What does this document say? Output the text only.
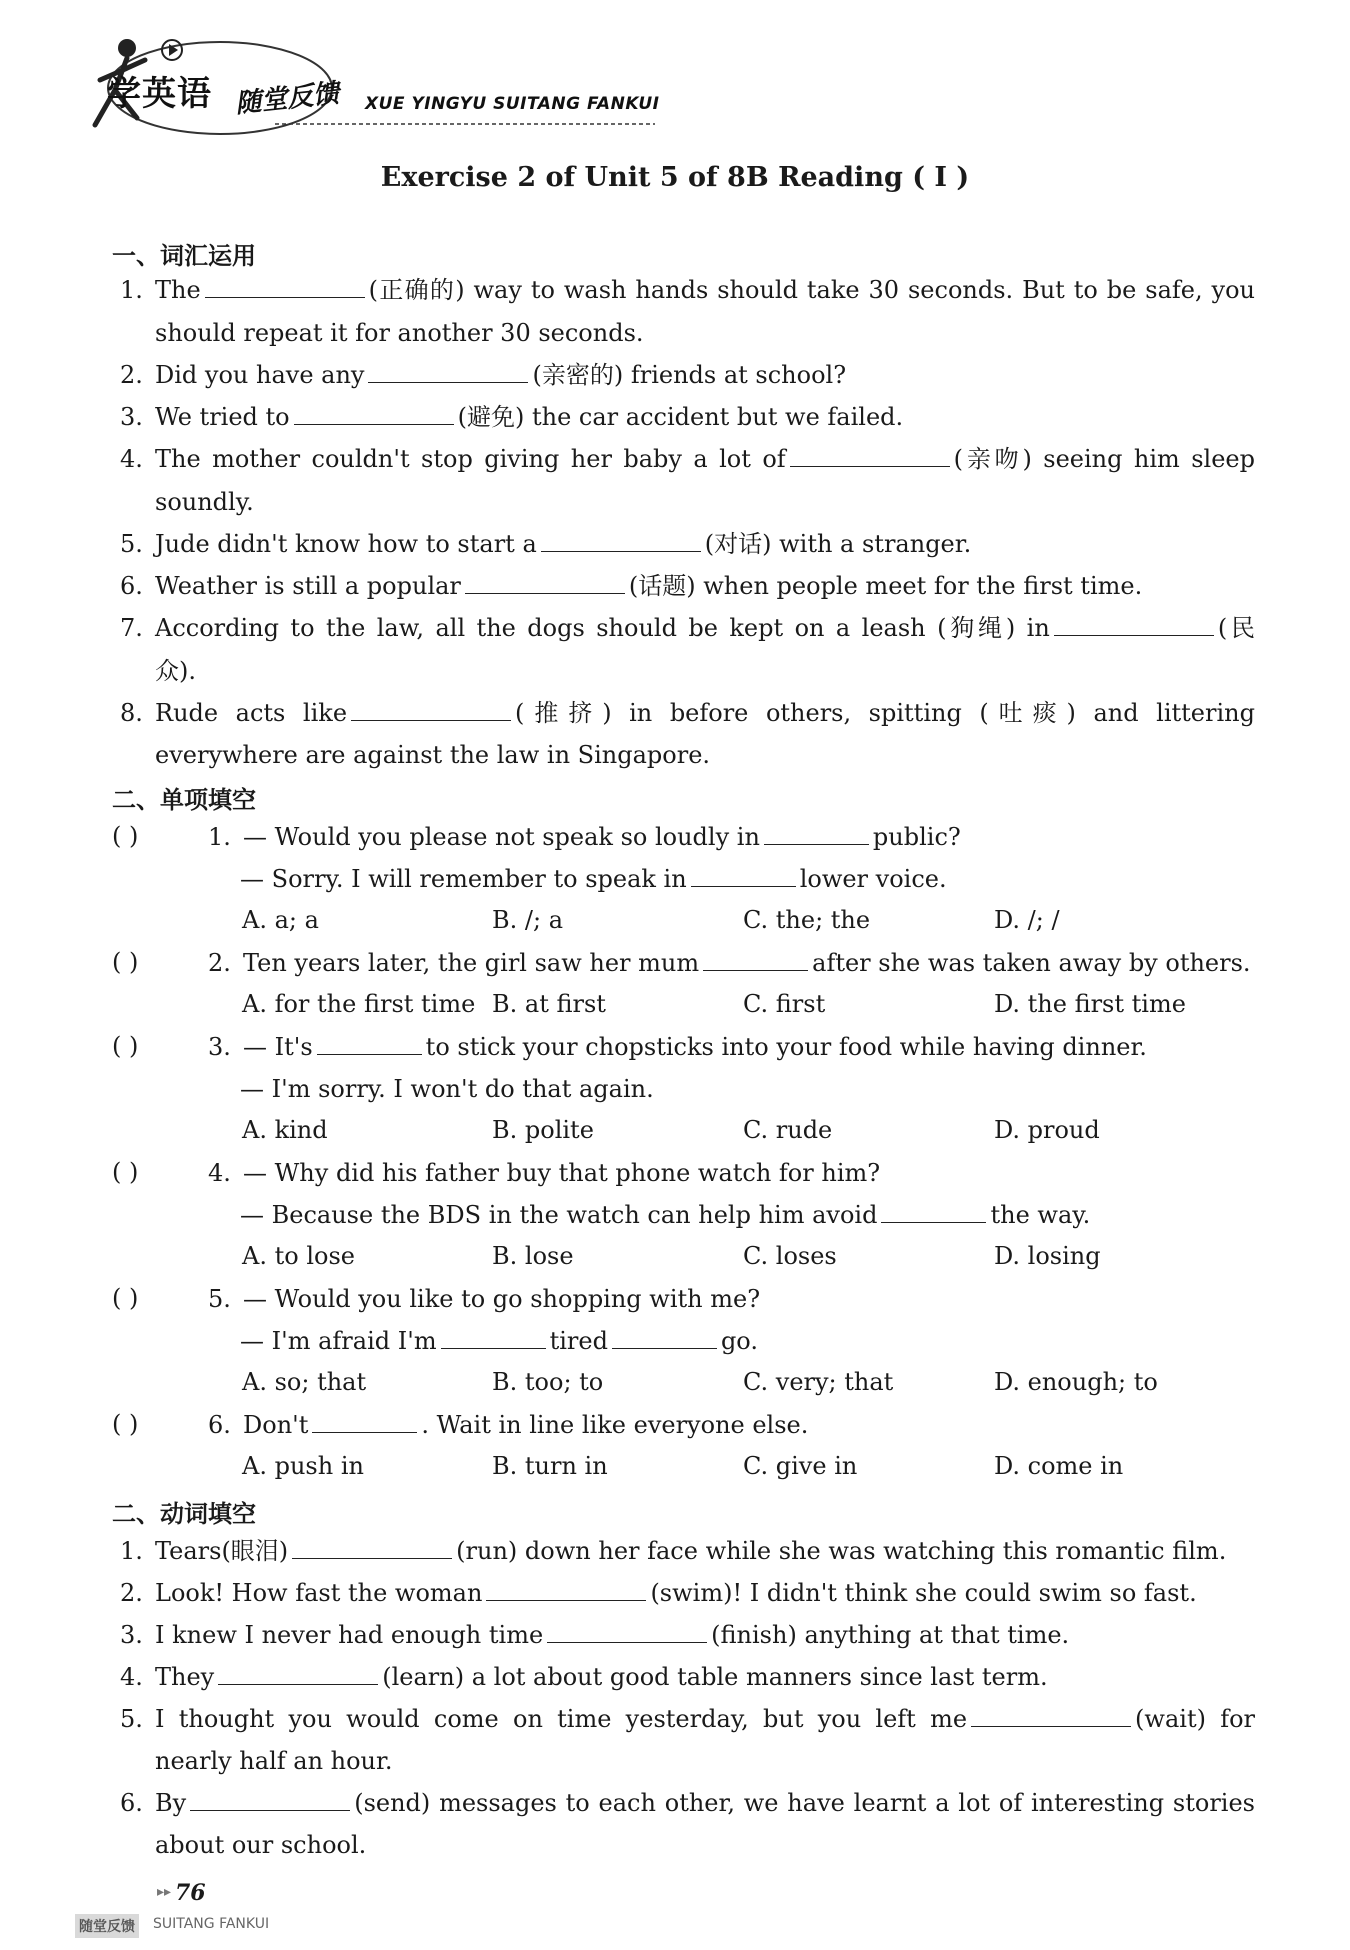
学英语 随堂反馈 XUE YINGYU SUITANG FANKUI
Exercise 2 of Unit 5 of 8B Reading ( Ⅰ )
一、词汇运用
1. The	(正确的) way to wash hands should take 30 seconds. But to be safe, you
should repeat it for another 30 seconds.
2. Did you have any	(亲密的) friends at school?
3. We tried to	(避免) the car accident but we failed.
4. The mother couldn't stop giving her baby a lot of	(亲吻) seeing him sleep
soundly.
5. Jude didn't know how to start a	(对话) with a stranger.
6. Weather is still a popular	(话题) when people meet for the first time.
7. According to the law, all the dogs should be kept on a leash (狗绳) in	(民
众).
8. Rude acts like	(推挤) in before others, spitting (吐痰) and littering
everywhere are against the law in Singapore.
二、单项填空
( )	1. — Would you please not speak so loudly in	public?
— Sorry. I will remember to speak in	lower voice.
A. a; a	B. /; a	C. the; the	D. /; /
( )	2. Ten years later, the girl saw her mum	after she was taken away by others.
A. for the first time B. at first	C. first	D. the first time
( )	3. — It's	to stick your chopsticks into your food while having dinner.
— I'm sorry. I won't do that again.
A. kind	B. polite	C. rude	D. proud
( )	4. — Why did his father buy that phone watch for him?
— Because the BDS in the watch can help him avoid	the way.
A. to lose	B. lose	C. loses	D. losing
( )	5. — Would you like to go shopping with me?
— I'm afraid I'm	tired	go.
A. so; that	B. too; to	C. very; that	D. enough; to
( )	6. Don't	. Wait in line like everyone else.
A. push in	B. turn in	C. give in	D. come in
二、动词填空
1. Tears(眼泪)	(run) down her face while she was watching this romantic film.
2. Look! How fast the woman	(swim)! I didn't think she could swim so fast.
3. I knew I never had enough time	(finish) anything at that time.
4. They	(learn) a lot about good table manners since last term.
5. I thought you would come on time yesterday, but you left me	(wait) for
nearly half an hour.
6. By	(send) messages to each other, we have learnt a lot of interesting stories
about our school.
▸▸ 76
随堂反馈 SUITANG FANKUI
